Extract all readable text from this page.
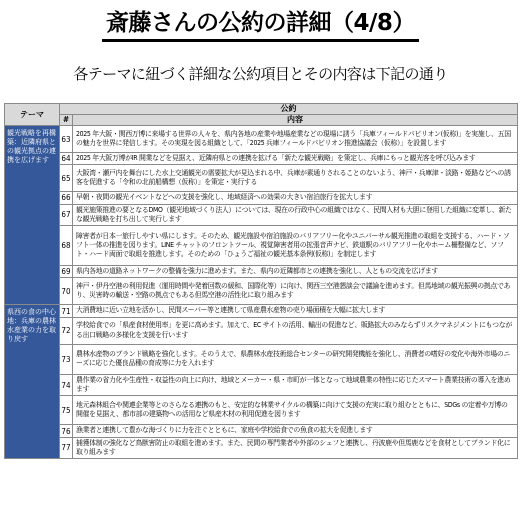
斎藤さんの公約の詳細（4/8）
各テーマに紐づく詳細な公約項目とその内容は下記の通り
テーマ	公約	
	#	内容
観光戦略を再構築：近隣府県との観光拠点の連携を広げます	63	2025 年大阪・関西万博に来場する世界の人々を、県内各地の産業や地場産業などの現場に誘う「兵庫フィールドパビリオン(仮称)」を実施し、五国の魅力を世界に発信します。その実現を図る組織として、「2025 兵庫フィールドパビリオン推進協議会（仮称）」を設置します
	64	2025 年大阪万博がIR 開業などを見据え、近隣府県との連携を拡げる「新たな観光戦略」を策定し、兵庫にもっと観光客を呼び込みます
	65	大阪湾・瀬戸内を舞台にした水上交通観光の需要拡大が見込まれる中、兵庫が素通りされることのないよう、神戸・兵庫津・淡路・姫路などへの誘客を促進する「令和の北前船構想（仮称）」を策定・実行する
	66	早朝・夜間の観光イベントなどへの支援を強化し、地域経済への効果の大きい宿泊旅行を拡大します
	67	観光施策推進の要となるDMO（観光地域づくり法人）については、現在の行政中心の組織ではなく、民間人材も大胆に登用した組織に変革し、新たな観光戦略を打ち出して実行します
	68	障害者が日本一旅行しやすい県にします。そのため、観光施設や宿泊施設のバリアフリー化やユニバーサル観光推進の取組を支援する、ハード・ソフト一体の推進を図ります。LINE チャットのフロントツール、視覚障害者用の拡張音声ナビ、鉄道駅のバリアフリー化やホーム柵整備など、ソフト・ハード両面で取組を推進します。そのための「ひょうご福祉の観光基本条例(仮称)」を制定します
	69	県内各地の道路ネットワークの整備を強力に進めます。また、県内の近隣都市との連携を強化し、人ともの交流を広げます
	70	神戸・伊丹空港の利用促進（運用時間や発着回数の緩和、国際化等）に向け、関西三空港懇談会で議論を進めます。但馬地域の観光振興の拠点であり、災害時の輸送・空路の拠点でもある但馬空港の活性化に取り組みます
県西の食の中心地：兵庫の農林水産業の力を取り戻す	71	大消費地に近い立地を活かし、民間スーパー等と連携して県産農水産物の売り場面積を大幅に拡大します
	72	学校給食での「県産食材使用率」を更に高めます。加えて、EC サイトの活用、輸出の促進など、販路拡大のみならずリスクマネジメントにもつながる出口戦略の多様化を支援を行います
	73	農林水産物のブランド戦略を強化します。そのうえで、県農林水産技術総合センターの研究開発機能を強化し、消費者の嗜好の変化や海外市場のニーズに応じた優良品種の育成等に力を入れます
	74	農作業の省力化や生産性・収益性の向上に向け、地域とメーカー・県・市町が一体となって地域農業の特性に応じたスマート農業技術の導入を進めます
	75	地元森林組合や関連企業等とのさらなる連携のもと、安定的な林業サイクルの構築に向けて支援の充実に取り組むとともに、SDGs の定着や万博の開催を見据え、都市部の建築物への活用など県産木材の利用促進を図ります
	76	漁業者と連携して豊かな海づくりに力を注ぐとともに、家庭や学校給食での魚食の拡大を促進します
	77	捕獲体制の強化など鳥獣害防止の取組を進めます。また、民間の専門業者や外部のシェフと連携し、丹波鹿や但馬鹿などを食材としてブランド化に取り組みます
